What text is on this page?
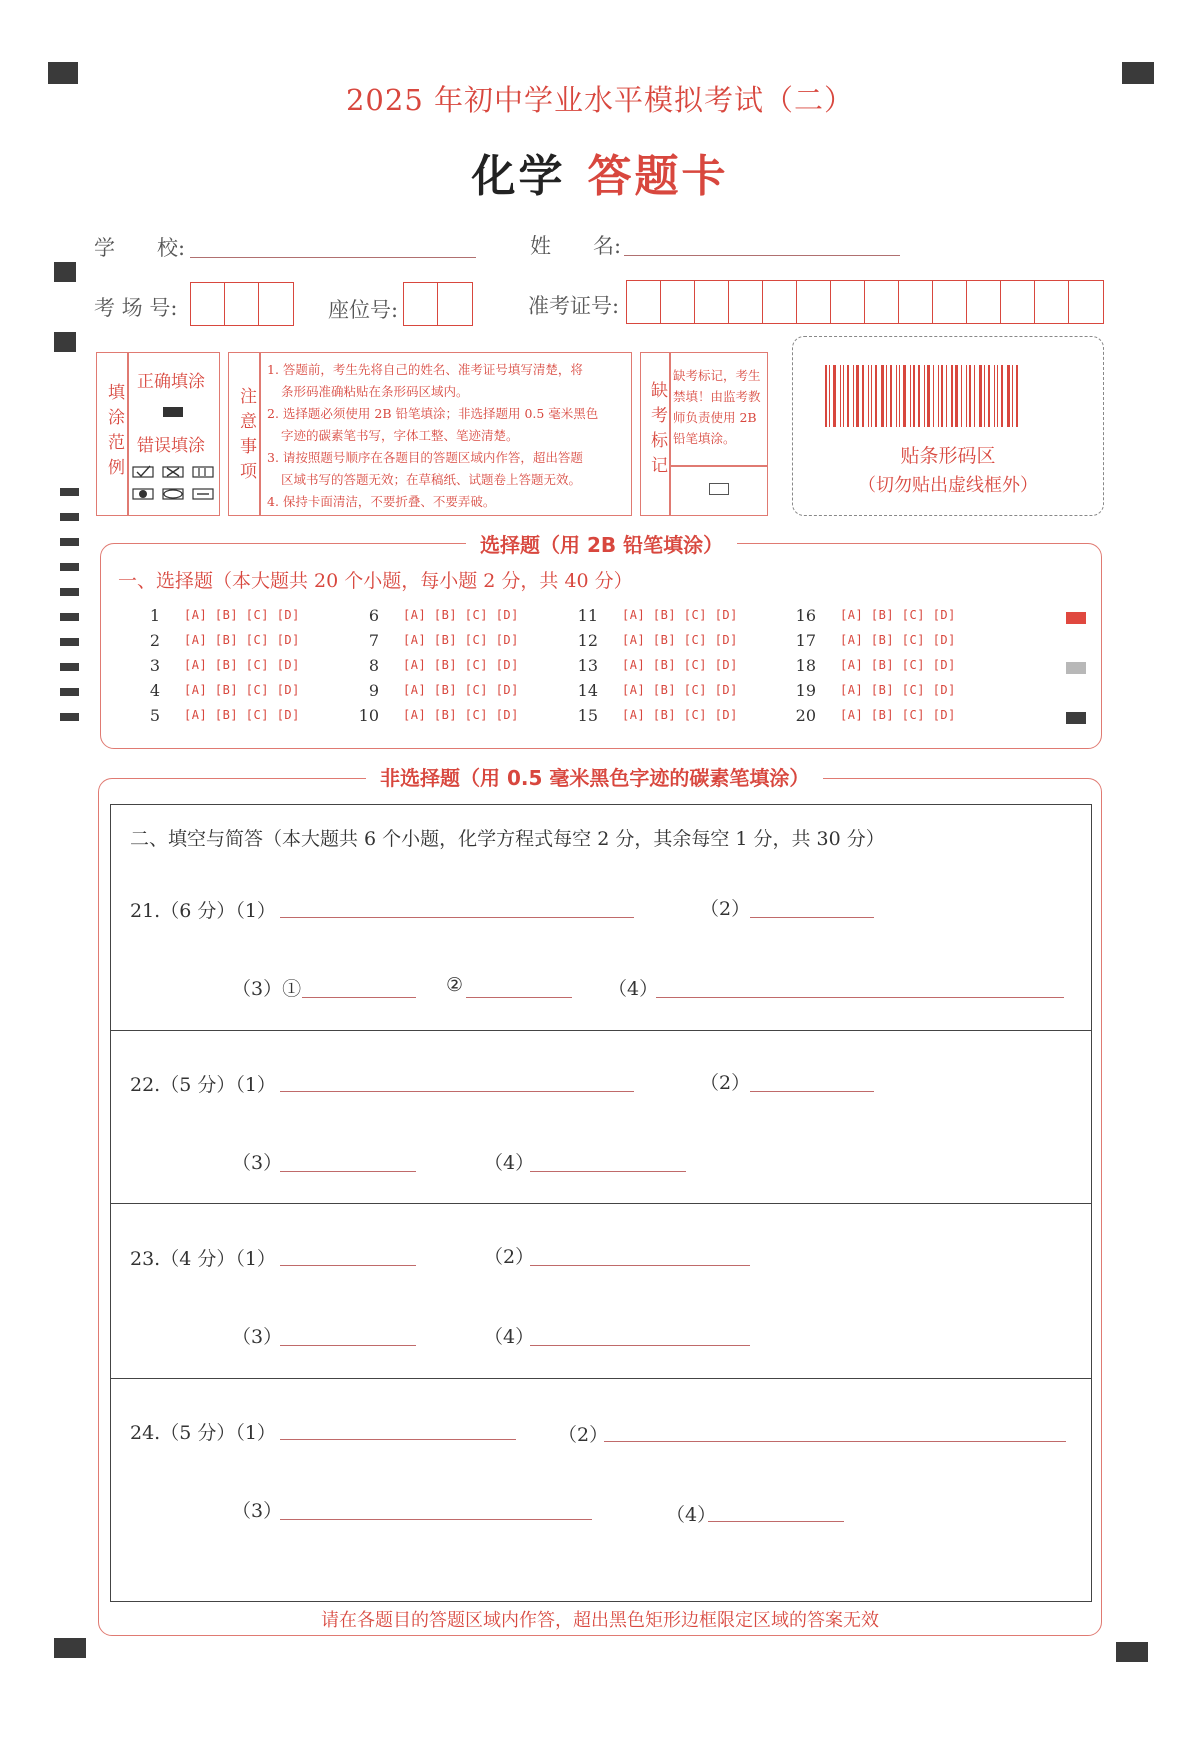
2025 年初中学业水平模拟考试（二）
化学 答题卡
学　　校:	姓　　名:
考 场 号:	座位号:	准考证号:
填涂范例
正确填涂
错误填涂 注意事项

1. 答题前，考生先将自己的姓名、准考证号填写清楚，将

条形码准确粘贴在条形码区域内。

2. 选择题必须使用 2B 铅笔填涂；非选择题用 0.5 毫米黑色

字迹的碳素笔书写，字体工整、笔迹清楚。

3. 请按照题号顺序在各题目的答题区域内作答，超出答题

区域书写的答题无效；在草稿纸、试题卷上答题无效。

4. 保持卡面清洁，不要折叠、不要弄破。

缺考标记
缺考标记，考生
禁填！由监考教
师负责使用 2B
铅笔填涂。
贴条形码区
（切勿贴出虚线框外）
选择题（用 2B 铅笔填涂）
一、选择题（本大题共 20 个小题，每小题 2 分，共 40 分）
1 [A] [B] [C] [D]
2 [A] [B] [C] [D]
3 [A] [B] [C] [D]
4 [A] [B] [C] [D]
5 [A] [B] [C] [D]
6 [A] [B] [C] [D]
7 [A] [B] [C] [D]
8 [A] [B] [C] [D]
9 [A] [B] [C] [D]
10 [A] [B] [C] [D]
11 [A] [B] [C] [D]
12 [A] [B] [C] [D]
13 [A] [B] [C] [D]
14 [A] [B] [C] [D]
15 [A] [B] [C] [D]
16 [A] [B] [C] [D]
17 [A] [B] [C] [D]
18 [A] [B] [C] [D]
19 [A] [B] [C] [D]
20 [A] [B] [C] [D]
非选择题（用 0.5 毫米黑色字迹的碳素笔填涂）
二、填空与简答（本大题共 6 个小题，化学方程式每空 2 分，其余每空 1 分，共 30 分）
21.（6 分）（1）	（2）
（3）①	②	（4）
22.（5 分）（1）	（2）
（3）	（4）
23.（4 分）（1）	（2）
（3）	（4）
24.（5 分）（1）	（2）
（3）	（4）
请在各题目的答题区域内作答，超出黑色矩形边框限定区域的答案无效
